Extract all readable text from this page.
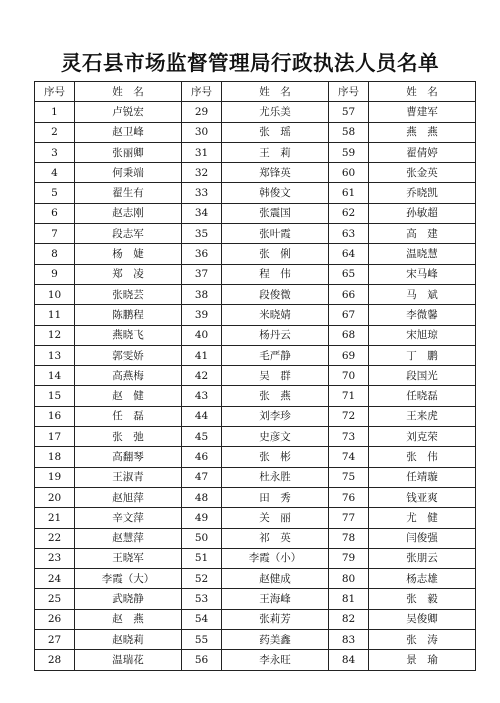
灵石县市场监督管理局行政执法人员名单
序号	姓　名	序号	姓　名	序号	姓　名
1	卢锐宏	29	尤乐美	57	曹建军
2	赵卫峰	30	张　瑶	58	燕　燕
3	张丽卿	31	王　莉	59	翟倩婷
4	何秉端	32	郑锋英	60	张金英
5	翟生有	33	韩俊文	61	乔晓凯
6	赵志刚	34	张震国	62	孙敏超
7	段志军	35	张叶霞	63	高　建
8	杨　婕	36	张　俐	64	温晓慧
9	郑　凌	37	程　伟	65	宋马峰
10	张晓芸	38	段俊微	66	马　斌
11	陈鹏程	39	米晓婧	67	李微馨
12	燕晓飞	40	杨丹云	68	宋旭琼
13	郭雯娇	41	毛严静	69	丁　鹏
14	高燕梅	42	吴　群	70	段国光
15	赵　健	43	张　燕	71	任晓磊
16	任　磊	44	刘李珍	72	王来虎
17	张　弛	45	史彦文	73	刘克荣
18	高翻琴	46	张　彬	74	张　伟
19	王淑青	47	杜永胜	75	任靖璇
20	赵旭萍	48	田　秀	76	钱亚爽
21	辛文萍	49	关　丽	77	尤　健
22	赵慧萍	50	祁　英	78	闫俊强
23	王晓军	51	李霞（小）	79	张朋云
24	李霞（大）	52	赵健成	80	杨志雄
25	武晓静	53	王海峰	81	张　毅
26	赵　燕	54	张莉芳	82	吴俊卿
27	赵晓莉	55	药美鑫	83	张　涛
28	温瑞花	56	李永旺	84	景　瑜
